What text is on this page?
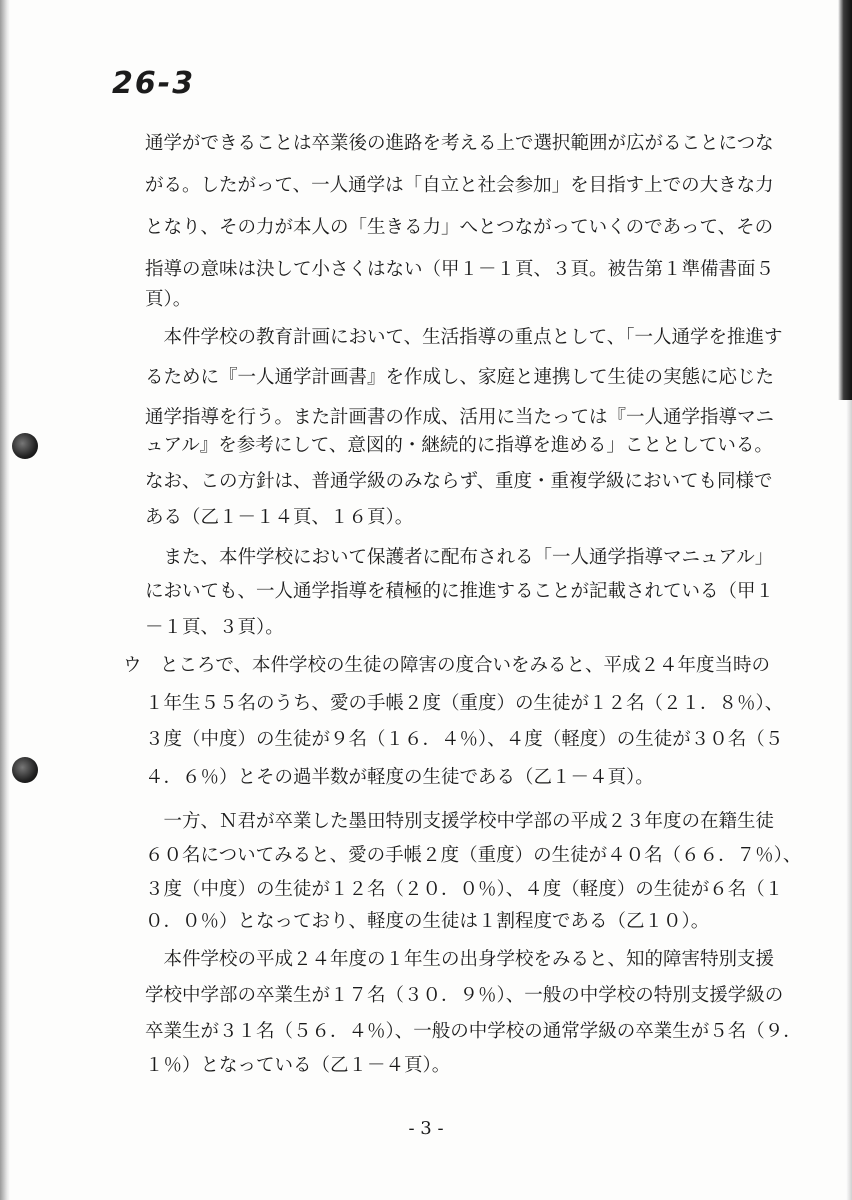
26-3
通学ができることは卒業後の進路を考える上で選択範囲が広がることにつな
がる。したがって、一人通学は「自立と社会参加」を目指す上での大きな力
となり、その力が本人の「生きる力」へとつながっていくのであって、その
指導の意味は決して小さくはない（甲１－１頁、３頁。被告第１準備書面５
頁）。
　本件学校の教育計画において、生活指導の重点として、「一人通学を推進す
るために『一人通学計画書』を作成し、家庭と連携して生徒の実態に応じた
通学指導を行う。また計画書の作成、活用に当たっては『一人通学指導マニ
ュアル』を参考にして、意図的・継続的に指導を進める」こととしている。
なお、この方針は、普通学級のみならず、重度・重複学級においても同様で
ある（乙１－１４頁、１６頁）。
　また、本件学校において保護者に配布される「一人通学指導マニュアル」
においても、一人通学指導を積極的に推進することが記載されている（甲１
－１頁、３頁）。
ウ　ところで、本件学校の生徒の障害の度合いをみると、平成２４年度当時の
１年生５５名のうち、愛の手帳２度（重度）の生徒が１２名（２１．８％）、
３度（中度）の生徒が９名（１６．４％）、４度（軽度）の生徒が３０名（５
４．６％）とその過半数が軽度の生徒である（乙１－４頁）。
　一方、Ｎ君が卒業した墨田特別支援学校中学部の平成２３年度の在籍生徒
６０名についてみると、愛の手帳２度（重度）の生徒が４０名（６６．７％）、
３度（中度）の生徒が１２名（２０．０％）、４度（軽度）の生徒が６名（１
０．０％）となっており、軽度の生徒は１割程度である（乙１０）。
　本件学校の平成２４年度の１年生の出身学校をみると、知的障害特別支援
学校中学部の卒業生が１７名（３０．９％）、一般の中学校の特別支援学級の
卒業生が３１名（５６．４％）、一般の中学校の通常学級の卒業生が５名（９．
１％）となっている（乙１－４頁）。
- 3 -
